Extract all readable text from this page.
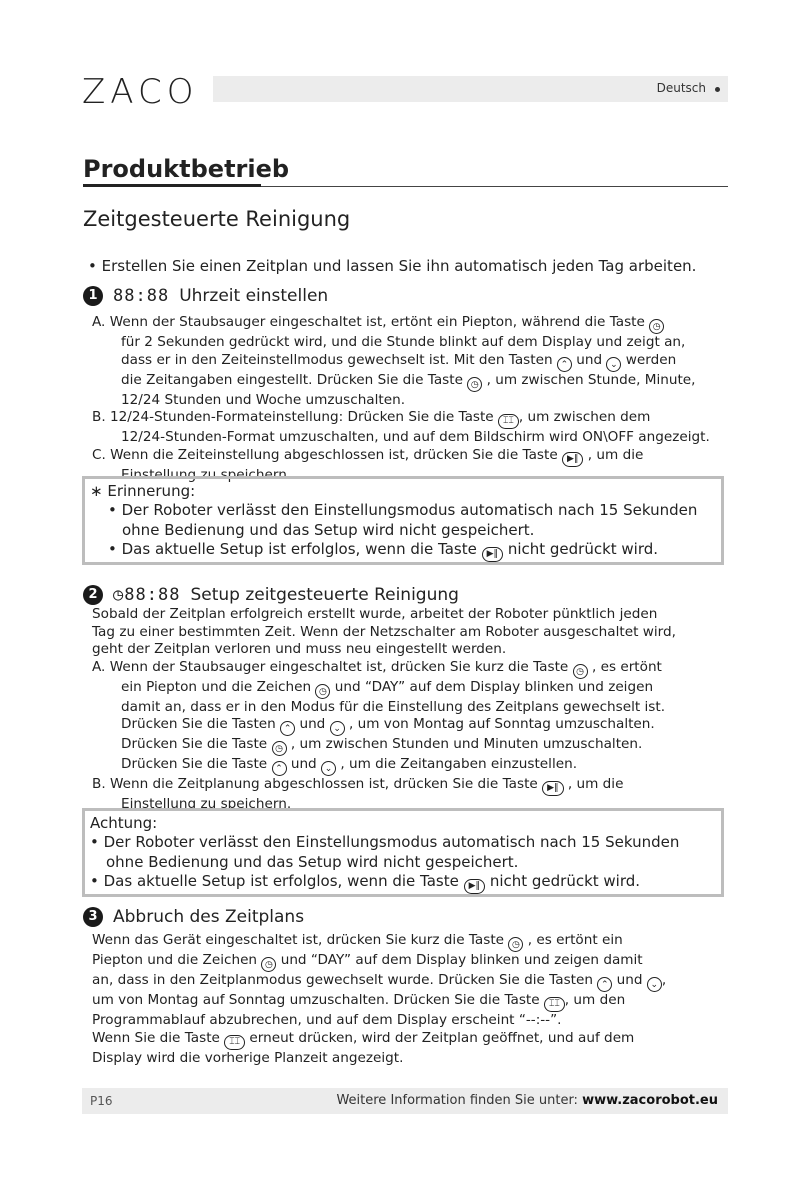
ZACO	Deutsch
Produktbetrieb
Zeitgesteuerte Reinigung
• Erstellen Sie einen Zeitplan und lassen Sie ihn automatisch jeden Tag arbeiten.
1 88:88 Uhrzeit einstellen

A. Wenn der Staubsauger eingeschaltet ist, ertönt ein Piepton, während die Taste ◷

für 2 Sekunden gedrückt wird, und die Stunde blinkt auf dem Display und zeigt an,

dass er in den Zeiteinstellmodus gewechselt ist. Mit den Tasten ⌃ und ⌄ werden

die Zeitangaben eingestellt. Drücken Sie die Taste ◷ , um zwischen Stunde, Minute,

12/24 Stunden und Woche umzuschalten.

B. 12/24-Stunden-Formateinstellung: Drücken Sie die Taste ⌶⌶ , um zwischen dem

12/24-Stunden-Format umzuschalten, und auf dem Bildschirm wird ON\OFF angezeigt.

C. Wenn die Zeiteinstellung abgeschlossen ist, drücken Sie die Taste ▶‖ , um die

Einstellung zu speichern.

∗ Erinnerung:

• Der Roboter verlässt den Einstellungsmodus automatisch nach 15 Sekunden

ohne Bedienung und das Setup wird nicht gespeichert.

• Das aktuelle Setup ist erfolglos, wenn die Taste ▶‖ nicht gedrückt wird.

2 ◷88:88 Setup zeitgesteuerte Reinigung

Sobald der Zeitplan erfolgreich erstellt wurde, arbeitet der Roboter pünktlich jeden

Tag zu einer bestimmten Zeit. Wenn der Netzschalter am Roboter ausgeschaltet wird,

geht der Zeitplan verloren und muss neu eingestellt werden.

A. Wenn der Staubsauger eingeschaltet ist, drücken Sie kurz die Taste ◷ , es ertönt

ein Piepton und die Zeichen ◷ und “DAY” auf dem Display blinken und zeigen

damit an, dass er in den Modus für die Einstellung des Zeitplans gewechselt ist.

Drücken Sie die Tasten ⌃ und ⌄ , um von Montag auf Sonntag umzuschalten.

Drücken Sie die Taste ◷ , um zwischen Stunden und Minuten umzuschalten.

Drücken Sie die Taste ⌃ und ⌄ , um die Zeitangaben einzustellen.

B. Wenn die Zeitplanung abgeschlossen ist, drücken Sie die Taste ▶‖ , um die

Einstellung zu speichern.

Achtung:

• Der Roboter verlässt den Einstellungsmodus automatisch nach 15 Sekunden

ohne Bedienung und das Setup wird nicht gespeichert.

• Das aktuelle Setup ist erfolglos, wenn die Taste ▶‖ nicht gedrückt wird.

3 Abbruch des Zeitplans

Wenn das Gerät eingeschaltet ist, drücken Sie kurz die Taste ◷ , es ertönt ein

Piepton und die Zeichen ◷ und “DAY” auf dem Display blinken und zeigen damit

an, dass in den Zeitplanmodus gewechselt wurde. Drücken Sie die Tasten ⌃ und ⌄ ,

um von Montag auf Sonntag umzuschalten. Drücken Sie die Taste ⌶⌶ , um den

Programmablauf abzubrechen, und auf dem Display erscheint “--:--”.

Wenn Sie die Taste ⌶⌶ erneut drücken, wird der Zeitplan geöffnet, und auf dem

Display wird die vorherige Planzeit angezeigt.

P16	Weitere Information finden Sie unter: www.zacorobot.eu
